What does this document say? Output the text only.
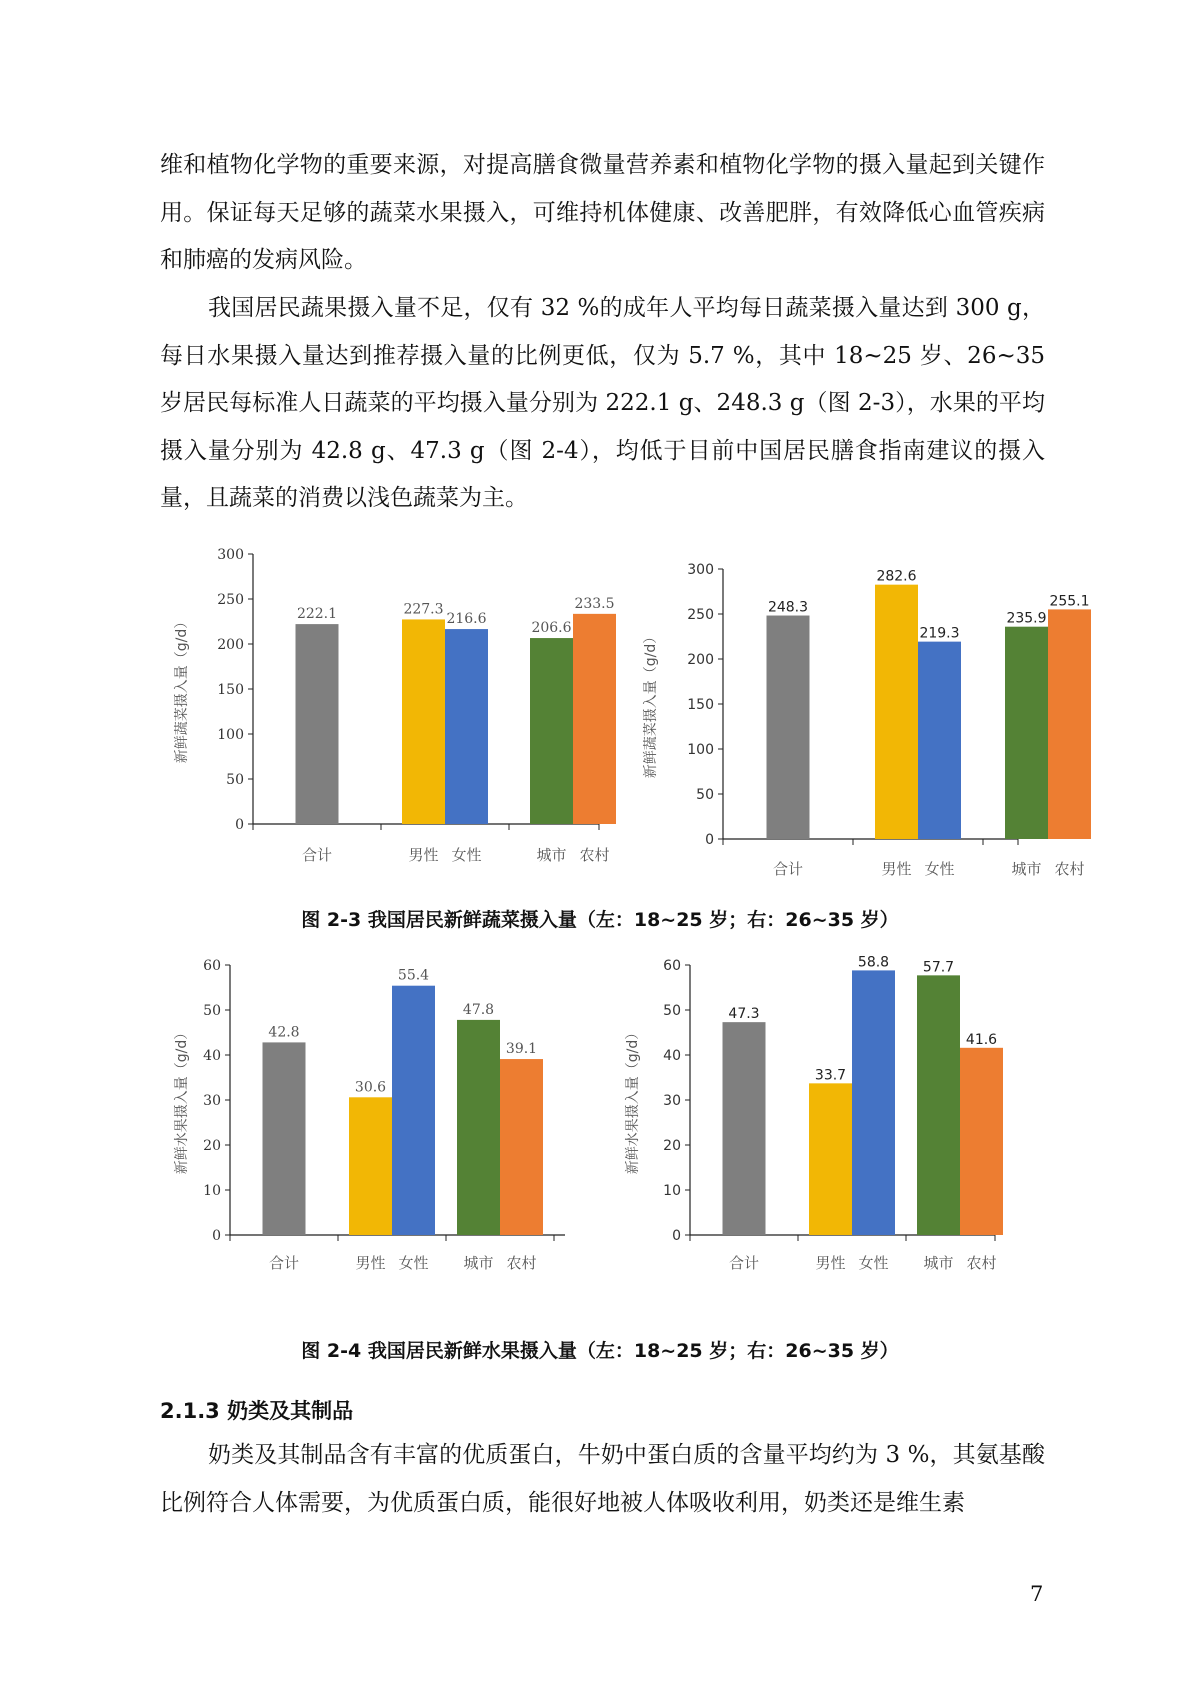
维和植物化学物的重要来源，对提高膳食微量营养素和植物化学物的摄入量起到关键作用。保证每天足够的蔬菜水果摄入，可维持机体健康、改善肥胖，有效降低心血管疾病和肺癌的发病风险。

我国居民蔬果摄入量不足，仅有 32 %的成年人平均每日蔬菜摄入量达到 300 g，每日水果摄入量达到推荐摄入量的比例更低，仅为 5.7 %，其中 18~25 岁、26~35 岁居民每标准人日蔬菜的平均摄入量分别为 222.1 g、248.3 g（图 2-3），水果的平均摄入量分别为 42.8 g、47.3 g（图 2-4），均低于目前中国居民膳食指南建议的摄入量，且蔬菜的消费以浅色蔬菜为主。

0
50
100
150
200
250
300
222.1
合计
227.3
男性
216.6
女性
206.6
城市
233.5
农村
新鲜蔬菜摄入量（g/d）
0
50
100
150
200
250
300
248.3
合计
282.6
男性
219.3
女性
235.9
城市
255.1
农村
新鲜蔬菜摄入量（g/d）
图 2-3 我国居民新鲜蔬菜摄入量（左：18~25 岁；右：26~35 岁）
0
10
20
30
40
50
60
42.8
合计
30.6
男性
55.4
女性
47.8
城市
39.1
农村
新鲜水果摄入量（g/d）
0
10
20
30
40
50
60
47.3
合计
33.7
男性
58.8
女性
57.7
城市
41.6
农村
新鲜水果摄入量（g/d）
图 2-4 我国居民新鲜水果摄入量（左：18~25 岁；右：26~35 岁）
2.1.3 奶类及其制品

奶类及其制品含有丰富的优质蛋白，牛奶中蛋白质的含量平均约为 3 %，其氨基酸比例符合人体需要，为优质蛋白质，能很好地被人体吸收利用，奶类还是维生素

7
